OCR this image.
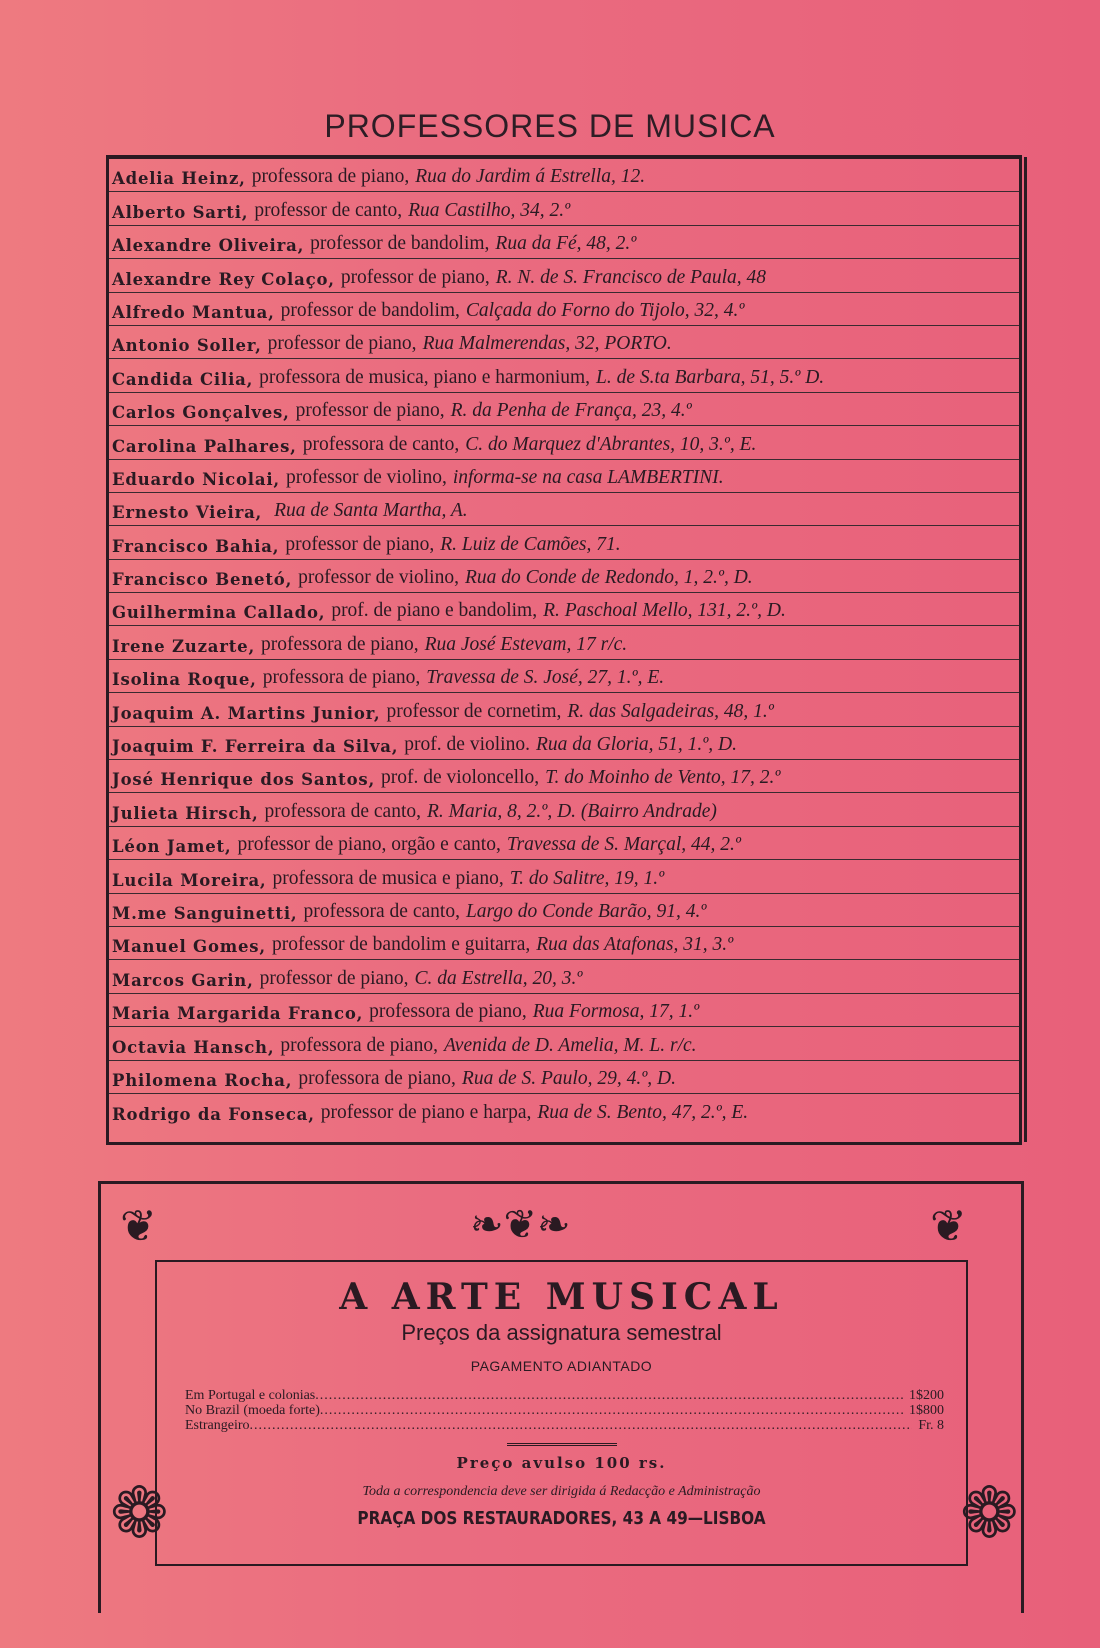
PROFESSORES DE MUSICA
Adelia Heinz, professora de piano, Rua do Jardim á Estrella, 12.
Alberto Sarti, professor de canto, Rua Castilho, 34, 2.º
Alexandre Oliveira, professor de bandolim, Rua da Fé, 48, 2.º
Alexandre Rey Colaço, professor de piano, R. N. de S. Francisco de Paula, 48
Alfredo Mantua, professor de bandolim, Calçada do Forno do Tijolo, 32, 4.º
Antonio Soller, professor de piano, Rua Malmerendas, 32, PORTO.
Candida Cilia, professora de musica, piano e harmonium, L. de S.ta Barbara, 51, 5.º D.
Carlos Gonçalves, professor de piano, R. da Penha de França, 23, 4.º
Carolina Palhares, professora de canto, C. do Marquez d'Abrantes, 10, 3.º, E.
Eduardo Nicolai, professor de violino, informa-se na casa LAMBERTINI.
Ernesto Vieira, Rua de Santa Martha, A.
Francisco Bahia, professor de piano, R. Luiz de Camões, 71.
Francisco Benetó, professor de violino, Rua do Conde de Redondo, 1, 2.º, D.
Guilhermina Callado, prof. de piano e bandolim, R. Paschoal Mello, 131, 2.º, D.
Irene Zuzarte, professora de piano, Rua José Estevam, 17 r/c.
Isolina Roque, professora de piano, Travessa de S. José, 27, 1.º, E.
Joaquim A. Martins Junior, professor de cornetim, R. das Salgadeiras, 48, 1.º
Joaquim F. Ferreira da Silva, prof. de violino. Rua da Gloria, 51, 1.º, D.
José Henrique dos Santos, prof. de violoncello, T. do Moinho de Vento, 17, 2.º
Julieta Hirsch, professora de canto, R. Maria, 8, 2.º, D. (Bairro Andrade)
Léon Jamet, professor de piano, orgão e canto, Travessa de S. Marçal, 44, 2.º
Lucila Moreira, professora de musica e piano, T. do Salitre, 19, 1.º
M.me Sanguinetti, professora de canto, Largo do Conde Barão, 91, 4.º
Manuel Gomes, professor de bandolim e guitarra, Rua das Atafonas, 31, 3.º
Marcos Garin, professor de piano, C. da Estrella, 20, 3.º
Maria Margarida Franco, professora de piano, Rua Formosa, 17, 1.º
Octavia Hansch, professora de piano, Avenida de D. Amelia, M. L. r/c.
Philomena Rocha, professora de piano, Rua de S. Paulo, 29, 4.º, D.
Rodrigo da Fonseca, professor de piano e harpa, Rua de S. Bento, 47, 2.º, E.
❦	❧❦❧	❦
❁	❁
A ARTE MUSICAL
Preços da assignatura semestral
PAGAMENTO ADIANTADO
Em Portugal e colonias .....	1$200
No Brazil (moeda forte) .....	1$800
Estrangeiro .....	Fr. 8
Preço avulso 100 rs.
Toda a correspondencia deve ser dirigida á Redacção e Administração
PRAÇA DOS RESTAURADORES, 43 A 49—LISBOA
